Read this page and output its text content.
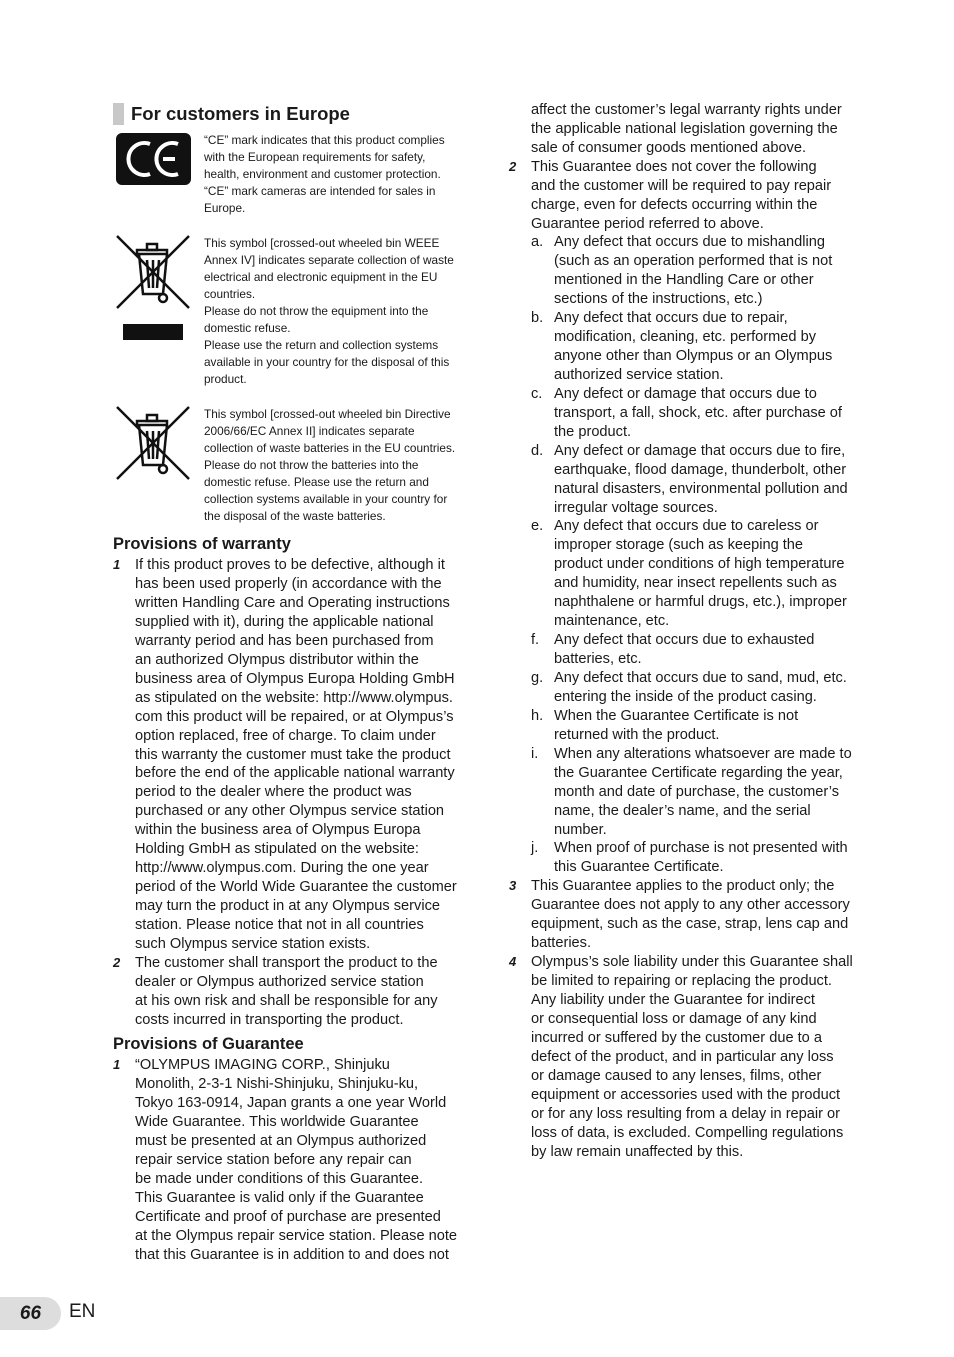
For customers in Europe

“CE” mark indicates that this product complies

with the European requirements for safety,

health, environment and customer protection.

“CE” mark cameras are intended for sales in

Europe.

This symbol [crossed-out wheeled bin WEEE

Annex IV] indicates separate collection of waste

electrical and electronic equipment in the EU

countries.

Please do not throw the equipment into the

domestic refuse.

Please use the return and collection systems

available in your country for the disposal of this

product.

This symbol [crossed-out wheeled bin Directive

2006/66/EC Annex II] indicates separate

collection of waste batteries in the EU countries.

Please do not throw the batteries into the

domestic refuse. Please use the return and

collection systems available in your country for

the disposal of the waste batteries.

Provisions of warranty
1	If this product proves to be defective, although it

has been used properly (in accordance with the

written Handling Care and Operating instructions

supplied with it), during the applicable national

warranty period and has been purchased from

an authorized Olympus distributor within the

business area of Olympus Europa Holding GmbH

as stipulated on the website: http://www.olympus.

com this product will be repaired, or at Olympus’s

option replaced, free of charge. To claim under

this warranty the customer must take the product

before the end of the applicable national warranty

period to the dealer where the product was

purchased or any other Olympus service station

within the business area of Olympus Europa

Holding GmbH as stipulated on the website:

http://www.olympus.com. During the one year

period of the World Wide Guarantee the customer

may turn the product in at any Olympus service

station. Please notice that not in all countries

such Olympus service station exists.

2	The customer shall transport the product to the

dealer or Olympus authorized service station

at his own risk and shall be responsible for any

costs incurred in transporting the product.

Provisions of Guarantee
1	“OLYMPUS IMAGING CORP., Shinjuku

Monolith, 2-3-1 Nishi-Shinjuku, Shinjuku-ku,

Tokyo 163-0914, Japan grants a one year World

Wide Guarantee. This worldwide Guarantee

must be presented at an Olympus authorized

repair service station before any repair can

be made under conditions of this Guarantee.

This Guarantee is valid only if the Guarantee

Certificate and proof of purchase are presented

at the Olympus repair service station. Please note

that this Guarantee is in addition to and does not

affect the customer’s legal warranty rights under

the applicable national legislation governing the

sale of consumer goods mentioned above.

2	This Guarantee does not cover the following

and the customer will be required to pay repair

charge, even for defects occurring within the

Guarantee period referred to above.

a. Any defect that occurs due to mishandling

(such as an operation performed that is not

mentioned in the Handling Care or other

sections of the instructions, etc.)

b. Any defect that occurs due to repair,

modification, cleaning, etc. performed by

anyone other than Olympus or an Olympus

authorized service station.

c. Any defect or damage that occurs due to

transport, a fall, shock, etc. after purchase of

the product.

d. Any defect or damage that occurs due to fire,

earthquake, flood damage, thunderbolt, other

natural disasters, environmental pollution and

irregular voltage sources.

e. Any defect that occurs due to careless or

improper storage (such as keeping the

product under conditions of high temperature

and humidity, near insect repellents such as

naphthalene or harmful drugs, etc.), improper

maintenance, etc.

f.	Any defect that occurs due to exhausted

batteries, etc.

g. Any defect that occurs due to sand, mud, etc.

entering the inside of the product casing.

h. When the Guarantee Certificate is not

returned with the product.

i.	When any alterations whatsoever are made to

the Guarantee Certificate regarding the year,

month and date of purchase, the customer’s

name, the dealer’s name, and the serial

number.

j.	When proof of purchase is not presented with

this Guarantee Certificate.

3	This Guarantee applies to the product only; the

Guarantee does not apply to any other accessory

equipment, such as the case, strap, lens cap and

batteries.

4	Olympus’s sole liability under this Guarantee shall

be limited to repairing or replacing the product.

Any liability under the Guarantee for indirect

or consequential loss or damage of any kind

incurred or suffered by the customer due to a

defect of the product, and in particular any loss

or damage caused to any lenses, films, other

equipment or accessories used with the product

or for any loss resulting from a delay in repair or

loss of data, is excluded. Compelling regulations

by law remain unaffected by this.

66 EN
